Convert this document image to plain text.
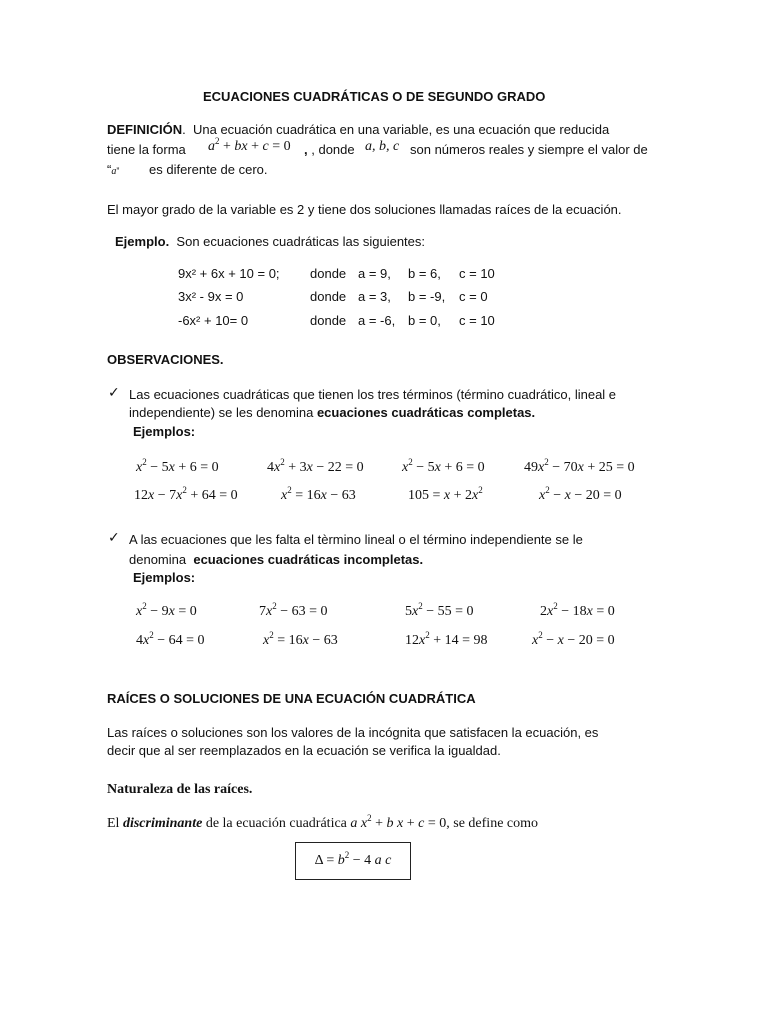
ECUACIONES CUADRÁTICAS O DE SEGUNDO GRADO
DEFINICIÓN. Una ecuación cuadrática en una variable, es una ecuación que reducida
tiene la forma $a^2$ + bx + c = 0 , , donde a, b, c son números reales y siempre el valor de
“a” es diferente de cero.
El mayor grado de la variable es 2 y tiene dos soluciones llamadas raíces de la ecuación.
Ejemplo. Son ecuaciones cuadráticas las siguientes:
9x² + 6x + 10 = 0; donde a = 9, b = 6, c = 10
3x² - 9x = 0	donde a = 3, b = -9, c = 0
-6x² + 10= 0	donde a = -6, b = 0, c = 10
OBSERVACIONES.
✓ Las ecuaciones cuadráticas que tienen los tres términos (término cuadrático, lineal e
independiente) se les denomina ecuaciones cuadráticas completas.
Ejemplos:
$x^2 - 5x + 6 = 0$	$4x^2 + 3x - 22 = 0$	$x^2 - 5x + 6 = 0$	$49x^2 - 70x + 25 = 0$
$12x - 7x^2 + 64 = 0$	$x^2 = 16x - 63$	$105 = x + 2x^2$	$x^2 - x - 20 = 0$
✓ A las ecuaciones que les falta el tèrmino lineal o el término independiente se le
denomina ecuaciones cuadráticas incompletas.
Ejemplos:
$x^2 - 9x = 0$	$7x^2 - 63 = 0$	$5x^2 - 55 = 0$	$2x^2 - 18x = 0$
$4x^2 - 64 = 0$	$x^2 = 16x - 63$	$12x^2 + 14 = 98$	$x^2 - x - 20 = 0$
RAÍCES O SOLUCIONES DE UNA ECUACIÓN CUADRÁTICA
Las raíces o soluciones son los valores de la incógnita que satisfacen la ecuación, es
decir que al ser reemplazados en la ecuación se verifica la igualdad.
Naturaleza de las raíces.
El discriminante de la ecuación cuadrática a $x^2 + b$ x + c = 0, se define como
$\Delta = b^2 - 4$ a c
